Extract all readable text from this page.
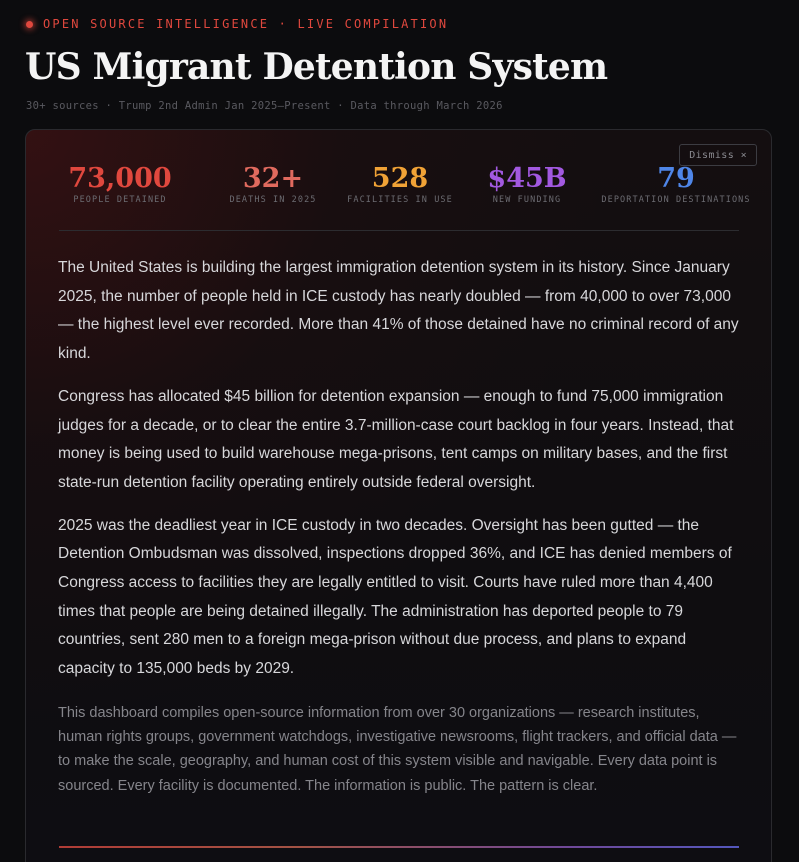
OPEN SOURCE INTELLIGENCE · LIVE COMPILATION
US Migrant Detention System
30+ sources · Trump 2nd Admin Jan 2025–Present · Data through March 2026
Dismiss ×
73,000
PEOPLE DETAINED
32+
DEATHS IN 2025
528
FACILITIES IN USE
$45B
NEW FUNDING
79
DEPORTATION DESTINATIONS

The United States is building the largest immigration detention system in its history. Since January 2025, the number of people held in ICE custody has nearly doubled — from 40,000 to over 73,000 — the highest level ever recorded. More than 41% of those detained have no criminal record of any kind.

Congress has allocated $45 billion for detention expansion — enough to fund 75,000 immigration judges for a decade, or to clear the entire 3.7-million-case court backlog in four years. Instead, that money is being used to build warehouse mega-prisons, tent camps on military bases, and the first state-run detention facility operating entirely outside federal oversight.

2025 was the deadliest year in ICE custody in two decades. Oversight has been gutted — the Detention Ombudsman was dissolved, inspections dropped 36%, and ICE has denied members of Congress access to facilities they are legally entitled to visit. Courts have ruled more than 4,400 times that people are being detained illegally. The administration has deported people to 79 countries, sent 280 men to a foreign mega-prison without due process, and plans to expand capacity to 135,000 beds by 2029.

This dashboard compiles open-source information from over 30 organizations — research institutes, human rights groups, government watchdogs, investigative newsrooms, flight trackers, and official data — to make the scale, geography, and human cost of this system visible and navigable. Every data point is sourced. Every facility is documented. The information is public. The pattern is clear.
